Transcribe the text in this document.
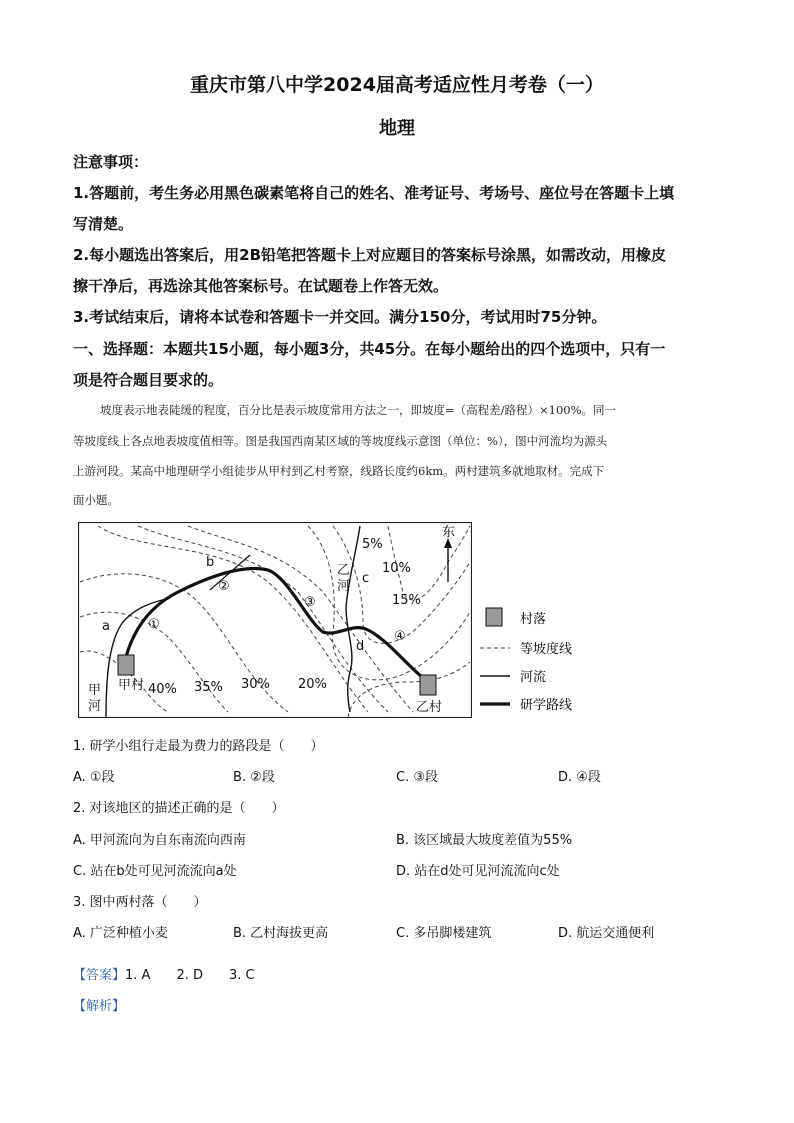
重庆市第八中学2024届高考适应性月考卷（一）
地理
注意事项：
1.答题前，考生务必用黑色碳素笔将自己的姓名、准考证号、考场号、座位号在答题卡上填
写清楚。
2.每小题选出答案后，用2B铅笔把答题卡上对应题目的答案标号涂黑，如需改动，用橡皮
擦干净后，再选涂其他答案标号。在试题卷上作答无效。
3.考试结束后，请将本试卷和答题卡一并交回。满分150分，考试用时75分钟。
一、选择题：本题共15小题，每小题3分，共45分。在每小题给出的四个选项中，只有一
项是符合题目要求的。
坡度表示地表陡缓的程度，百分比是表示坡度常用方法之一，即坡度=（高程差/路程）×100%。同一
等坡度线上各点地表坡度值相等。图是我国西南某区域的等坡度线示意图（单位：%），图中河流均为源头
上游河段。某高中地理研学小组徒步从甲村到乙村考察，线路长度约6km。两村建筑多就地取材。完成下
面小题。
东
a
b
c
d
①
②
③
④
甲村
乙村
甲
河
乙
河
40% 35% 30% 20%
5%
10%
15%
村落
等坡度线
河流
研学路线
1. 研学小组行走最为费力的路段是（　　）
A. ①段	B. ②段	C. ③段	D. ④段
2. 对该地区的描述正确的是（　　）
A. 甲河流向为自东南流向西南	B. 该区域最大坡度差值为55%
C. 站在b处可见河流流向a处	D. 站在d处可见河流流向c处
3. 图中两村落（　　）
A. 广泛种植小麦	B. 乙村海拔更高	C. 多吊脚楼建筑	D. 航运交通便利
【答案】1. A　　2. D　　3. C
【解析】
